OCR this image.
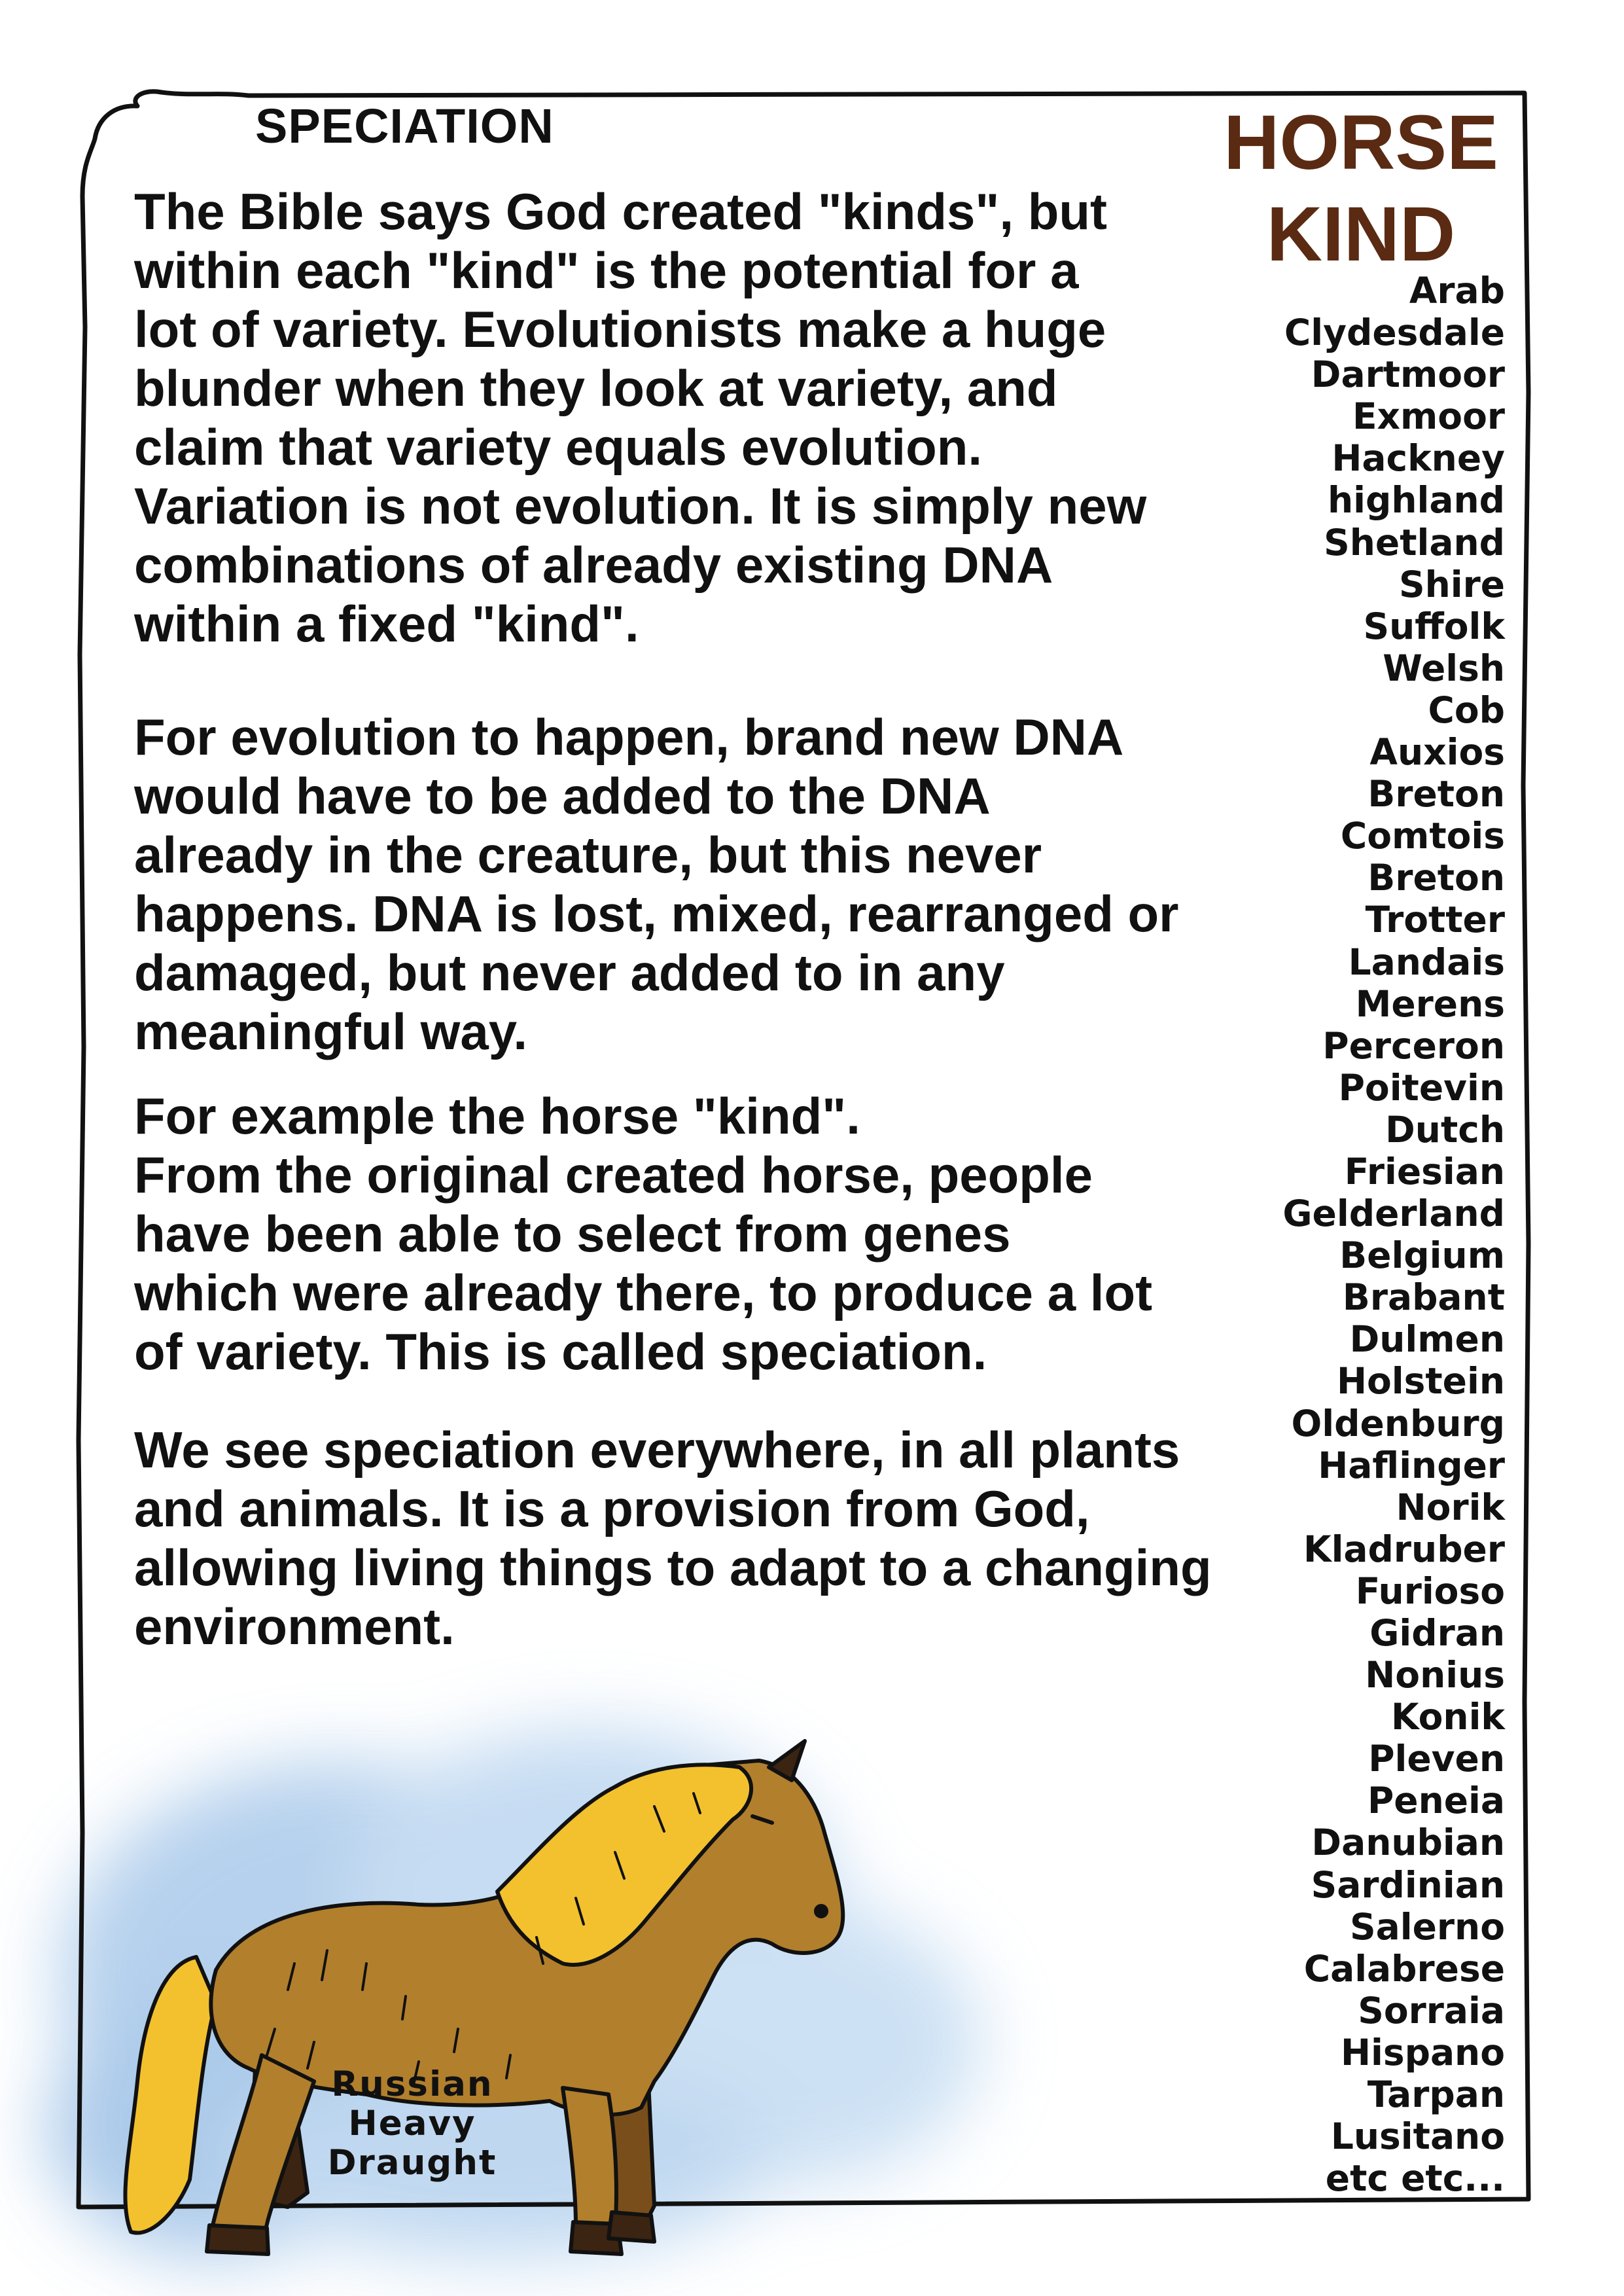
SPECIATION

The Bible says God created "kinds", but
within each "kind" is the potential for a
lot of variety. Evolutionists make a huge
blunder when they look at variety, and
claim that variety equals evolution.
Variation is not evolution. It is simply new
combinations of already existing DNA
within a fixed "kind".

For evolution to happen, brand new DNA
would have to be added to the DNA
already in the creature, but this never
happens. DNA is lost, mixed, rearranged or
damaged, but never added to in any
meaningful way.

For example the horse "kind".
From the original created horse, people
have been able to select from genes
which were already there, to produce a lot
of variety. This is called speciation.

We see speciation everywhere, in all plants
and animals. It is a provision from God,
allowing living things to adapt to a changing
environment.

HORSE
KIND
Arab
Clydesdale
Dartmoor
Exmoor
Hackney
highland
Shetland
Shire
Suffolk
Welsh
Cob
Auxios
Breton
Comtois
Breton
Trotter
Landais
Merens
Perceron
Poitevin
Dutch
Friesian
Gelderland
Belgium
Brabant
Dulmen
Holstein
Oldenburg
Haflinger
Norik
Kladruber
Furioso
Gidran
Nonius
Konik
Pleven
Peneia
Danubian
Sardinian
Salerno
Calabrese
Sorraia
Hispano
Tarpan
Lusitano
etc etc...
Russian
Heavy
Draught
